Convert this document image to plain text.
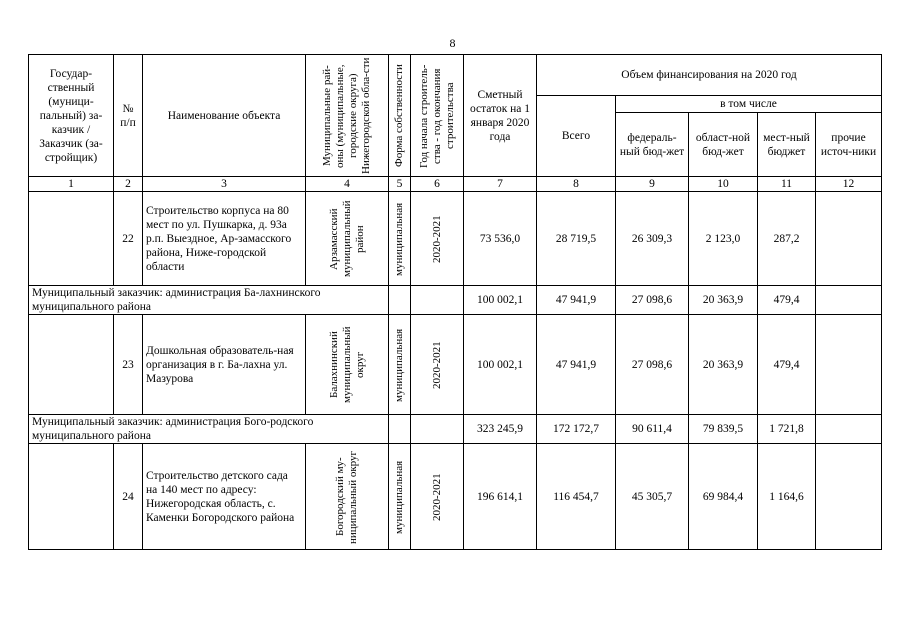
8
Государ-ственный (муници-пальный) за-казчик / Заказчик (за-стройщик)	№ п/п	Наименование объекта	Муниципальные рай-оны (муниципальные, городские округа) Нижегородской обла-сти	Форма собственности	Год начала строитель-ства - год окончания строительства	Сметный остаток на 1 января 2020 года	Объем финансирования на 2020 год				
							Всего	в том числе			
								федераль-ный бюд-жет	област-ной бюд-жет	мест-ный бюджет	прочие источ-ники
1	2	3	4	5	6	7	8	9	10	11	12
	22	Строительство корпуса на 80 мест по ул. Пушкарка, д. 93а р.п. Выездное, Ар-замасского района, Ниже-городской области	Арзамасский муниципальный район	муниципальная	2020-2021	73 536,0	28 719,5	26 309,3	2 123,0	287,2	
Муниципальный заказчик: администрация Ба-лахнинского муниципального района						100 002,1	47 941,9	27 098,6	20 363,9	479,4	
	23	Дошкольная образователь-ная организация в г. Ба-лахна ул. Мазурова	Балахнинский муниципальный округ	муниципальная	2020-2021	100 002,1	47 941,9	27 098,6	20 363,9	479,4	
Муниципальный заказчик: администрация Бого-родского муниципального района						323 245,9	172 172,7	90 611,4	79 839,5	1 721,8	
	24	Строительство детского сада на 140 мест по адресу: Нижегородская область, с. Каменки Богородского района	Богородский му-ниципальный округ	муниципальная	2020-2021	196 614,1	116 454,7	45 305,7	69 984,4	1 164,6	
